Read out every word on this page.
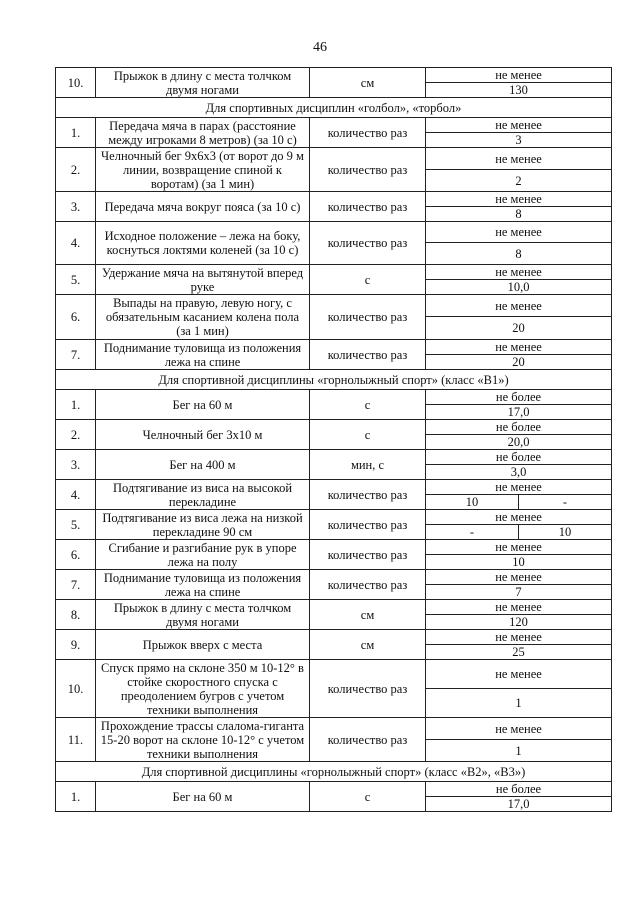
46
10.	Прыжок в длину с места толчком двумя ногами	см	не менее
			130
Для спортивных дисциплин «голбол», «торбол»			
1.	Передача мяча в парах (расстояние между игроками 8 метров) (за 10 с)	количество раз	не менее
			3
2.	Челночный бег 9х6х3 (от ворот до 9 м линии, возвращение спиной к воротам) (за 1 мин)	количество раз	не менее
			2
3.	Передача мяча вокруг пояса (за 10 с)	количество раз	не менее
			8
4.	Исходное положение – лежа на боку, коснуться локтями коленей (за 10 с)	количество раз	не менее
			8
5.	Удержание мяча на вытянутой вперед руке	с	не менее
			10,0
6.	Выпады на правую, левую ногу, с обязательным касанием колена пола (за 1 мин)	количество раз	не менее
			20
7.	Поднимание туловища из положения лежа на спине	количество раз	не менее
			20
Для спортивной дисциплины «горнолыжный спорт» (класс «В1»)			
1.	Бег на 60 м	с	не более
			17,0
2.	Челночный бег 3х10 м	с	не более
			20,0
3.	Бег на 400 м	мин, с	не более
			3,0
4.	Подтягивание из виса на высокой перекладине	количество раз	не менее

			10 -

5.	Подтягивание из виса лежа на низкой перекладине 90 см	количество раз	не менее

			- 10

6.	Сгибание и разгибание рук в упоре лежа на полу	количество раз	не менее
			10
7.	Поднимание туловища из положения лежа на спине	количество раз	не менее
			7
8.	Прыжок в длину с места толчком двумя ногами	см	не менее
			120
9.	Прыжок вверх с места	см	не менее
			25
10.	Спуск прямо на склоне 350 м 10-12° в стойке скоростного спуска с преодолением бугров с учетом техники выполнения	количество раз	не менее
			1
11.	Прохождение трассы слалома-гиганта 15-20 ворот на склоне 10-12° с учетом техники выполнения	количество раз	не менее
			1
Для спортивной дисциплины «горнолыжный спорт» (класс «В2», «В3»)			
1.	Бег на 60 м	с	не более
			17,0
